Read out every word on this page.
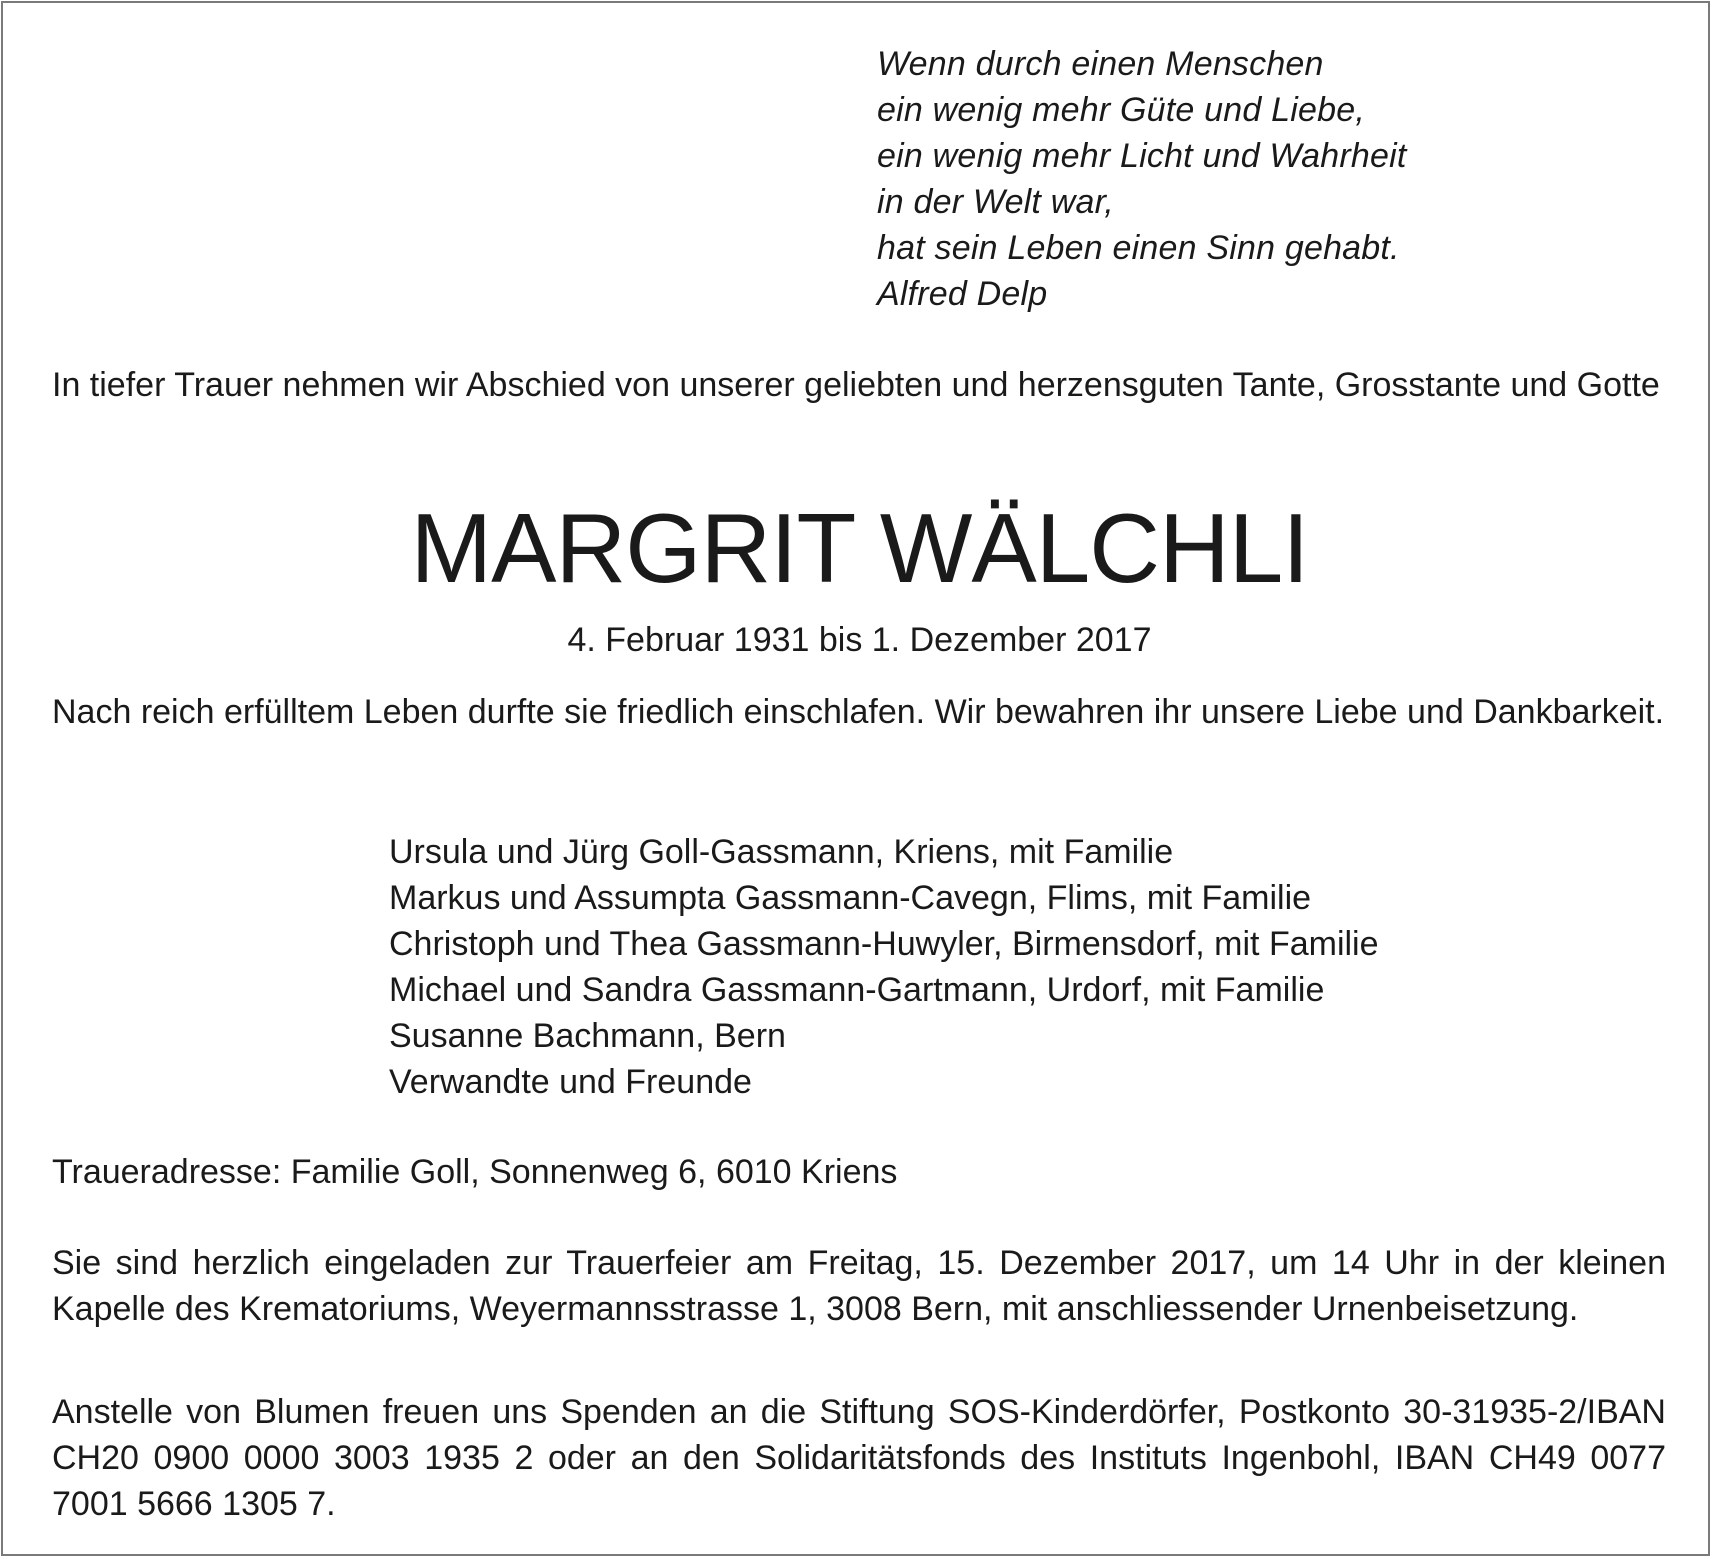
Wenn durch einen Menschen
ein wenig mehr Güte und Liebe,
ein wenig mehr Licht und Wahrheit
in der Welt war,
hat sein Leben einen Sinn gehabt.
Alfred Delp
In tiefer Trauer nehmen wir Abschied von unserer geliebten und herzensguten Tante, Grosstante und Gotte
MARGRIT WÄLCHLI
4. Februar 1931 bis 1. Dezember 2017
Nach reich erfülltem Leben durfte sie friedlich einschlafen. Wir bewahren ihr unsere Liebe und Dankbarkeit.
Ursula und Jürg Goll-Gassmann, Kriens, mit Familie
Markus und Assumpta Gassmann-Cavegn, Flims, mit Familie
Christoph und Thea Gassmann-Huwyler, Birmensdorf, mit Familie
Michael und Sandra Gassmann-Gartmann, Urdorf, mit Familie
Susanne Bachmann, Bern
Verwandte und Freunde
Traueradresse: Familie Goll, Sonnenweg 6, 6010 Kriens
Sie sind herzlich eingeladen zur Trauerfeier am Freitag, 15. Dezember 2017, um 14 Uhr in der kleinen Kapelle des Krematoriums, Weyermannsstrasse 1, 3008 Bern, mit anschliessender Urnenbeisetzung.
Anstelle von Blumen freuen uns Spenden an die Stiftung SOS-Kinderdörfer, Postkonto 30-31935-2/IBAN CH20 0900 0000 3003 1935 2 oder an den Solidaritätsfonds des Instituts Ingenbohl, IBAN CH49 0077 7001 5666 1305 7.
